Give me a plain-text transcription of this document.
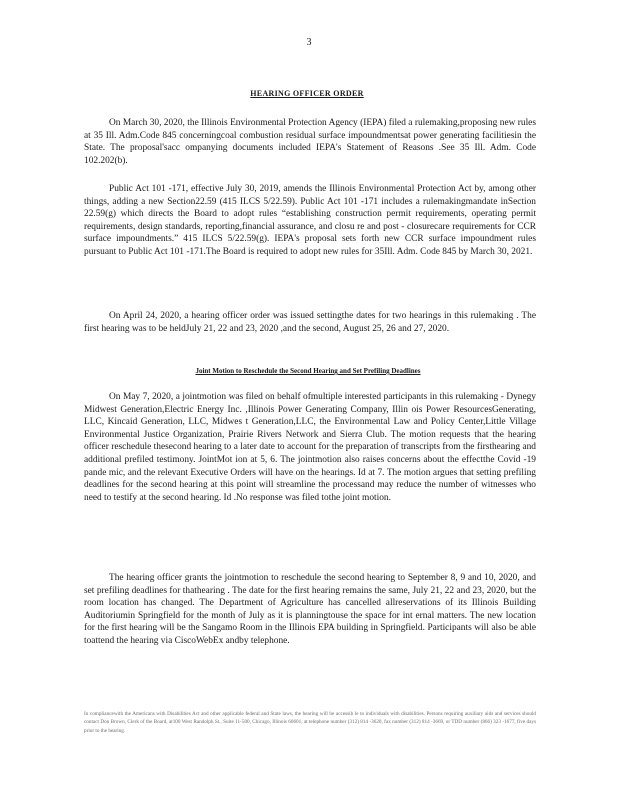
3
HEARING OFFICER ORDER

On March 30, 2020, the Illinois Environmental Protection Agency (IEPA) filed a rulemaking,proposing new rules at 35 Ill. Adm.Code 845 concerningcoal combustion residual surface impoundmentsat power generating facilitiesin the State. The proposal'sacc ompanying documents included IEPA's Statement of Reasons .See 35 Ill. Adm. Code 102.202(b).

Public Act 101 -171, effective July 30, 2019, amends the Illinois Environmental Protection Act by, among other things, adding a new Section22.59 (415 ILCS 5/22.59). Public Act 101 -171 includes a rulemakingmandate inSection 22.59(g) which directs the Board to adopt rules “establishing construction permit requirements, operating permit requirements, design standards, reporting,financial assurance, and closu re and post - closurecare requirements for CCR surface impoundments.” 415 ILCS 5/22.59(g). IEPA's proposal sets forth new CCR surface impoundment rules pursuant to Public Act 101 -171.The Board is required to adopt new rules for 35Ill. Adm. Code 845 by March 30, 2021.

On April 24, 2020, a hearing officer order was issued settingthe dates for two hearings in this rulemaking . The first hearing was to be heldJuly 21, 22 and 23, 2020 ,and the second, August 25, 26 and 27, 2020.

Joint Motion to Reschedule the Second Hearing and Set Prefiling Deadlines

On May 7, 2020, a jointmotion was filed on behalf ofmultiple interested participants in this rulemaking - Dynegy Midwest Generation,Electric Energy Inc. ,Illinois Power Generating Company, Illin ois Power ResourcesGenerating, LLC, Kincaid Generation, LLC, Midwes t Generation,LLC, the Environmental Law and Policy Center,Little Village Environmental Justice Organization, Prairie Rivers Network and Sierra Club. The motion requests that the hearing officer reschedule thesecond hearing to a later date to account for the preparation of transcripts from the firsthearing and additional prefiled testimony. JointMot ion at 5, 6. The jointmotion also raises concerns about the effectthe Covid -19 pande mic, and the relevant Executive Orders will have on the hearings. Id at 7. The motion argues that setting prefiling deadlines for the second hearing at this point will streamline the processand may reduce the number of witnesses who need to testify at the second hearing. Id .No response was filed tothe joint motion.

The hearing officer grants the jointmotion to reschedule the second hearing to September 8, 9 and 10, 2020, and set prefiling deadlines for thathearing . The date for the first hearing remains the same, July 21, 22 and 23, 2020, but the room location has changed. The Department of Agriculture has cancelled allreservations of its Illinois Building Auditoriumin Springfield for the month of July as it is planningtouse the space for int ernal matters. The new location for the first hearing will be the Sangamo Room in the Illinois EPA building in Springfield. Participants will also be able toattend the hearing via CiscoWebEx andby telephone.

In compliancewith the Americans with Disabilities Act and other applicable federal and State laws, the hearing will be accessib le to individuals with disabilities. Persons requiring auxiliary aids and services should contact Don Brown, Clerk of the Board, at100 West Randolph St., Suite 11-500, Chicago, Illinois 60601, at telephone number (312) 814 -3620, fax number (312) 814 -3669, or TDD number (866) 323 -1677, five days prior to the hearing.
